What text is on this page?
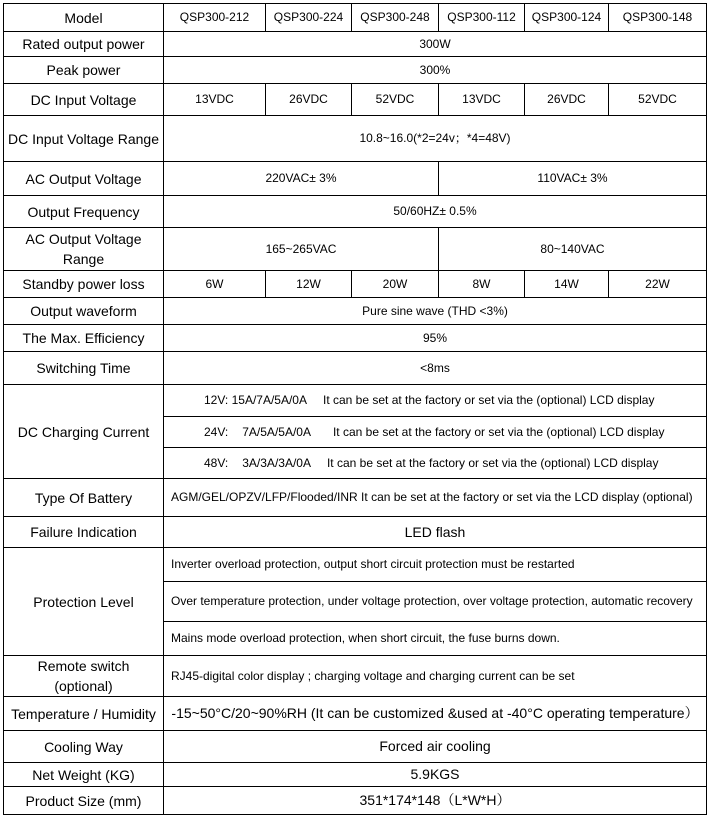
Model	QSP300-212	QSP300-224	QSP300-248	QSP300-112	QSP300-124	QSP300-148
Rated output power	300W					
Peak power	300%					
DC Input Voltage	13VDC	26VDC	52VDC	13VDC	26VDC	52VDC
DC Input Voltage Range	10.8~16.0(*2=24v；*4=48V)					
AC Output Voltage	220VAC± 3%			110VAC± 3%		
Output Frequency	50/60HZ± 0.5%					
AC Output Voltage Range	165~265VAC			80~140VAC		
Standby power loss	6W	12W	20W	8W	14W	22W
Output waveform	Pure sine wave (THD <3%)					
The Max. Efficiency	95%					
Switching Time	<8ms					
DC Charging Current	12V: 15A/7A/5A/0A It can be set at the factory or set via the (optional) LCD display					
	24V: 7A/5A/5A/0A It can be set at the factory or set via the (optional) LCD display					
	48V: 3A/3A/3A/0A It can be set at the factory or set via the (optional) LCD display					
Type Of Battery	AGM/GEL/OPZV/LFP/Flooded/INR It can be set at the factory or set via the LCD display (optional)					
Failure Indication	LED flash					
Protection Level	Inverter overload protection, output short circuit protection must be restarted					
	Over temperature protection, under voltage protection, over voltage protection, automatic recovery					
	Mains mode overload protection, when short circuit, the fuse burns down.					
Remote switch (optional)	RJ45-digital color display ; charging voltage and charging current can be set					
Temperature / Humidity	-15~50°C/20~90%RH (It can be customized &used at -40°C operating temperature）					
Cooling Way	Forced air cooling					
Net Weight (KG)	5.9KGS					
Product Size (mm)	351*174*148（L*W*H）					
